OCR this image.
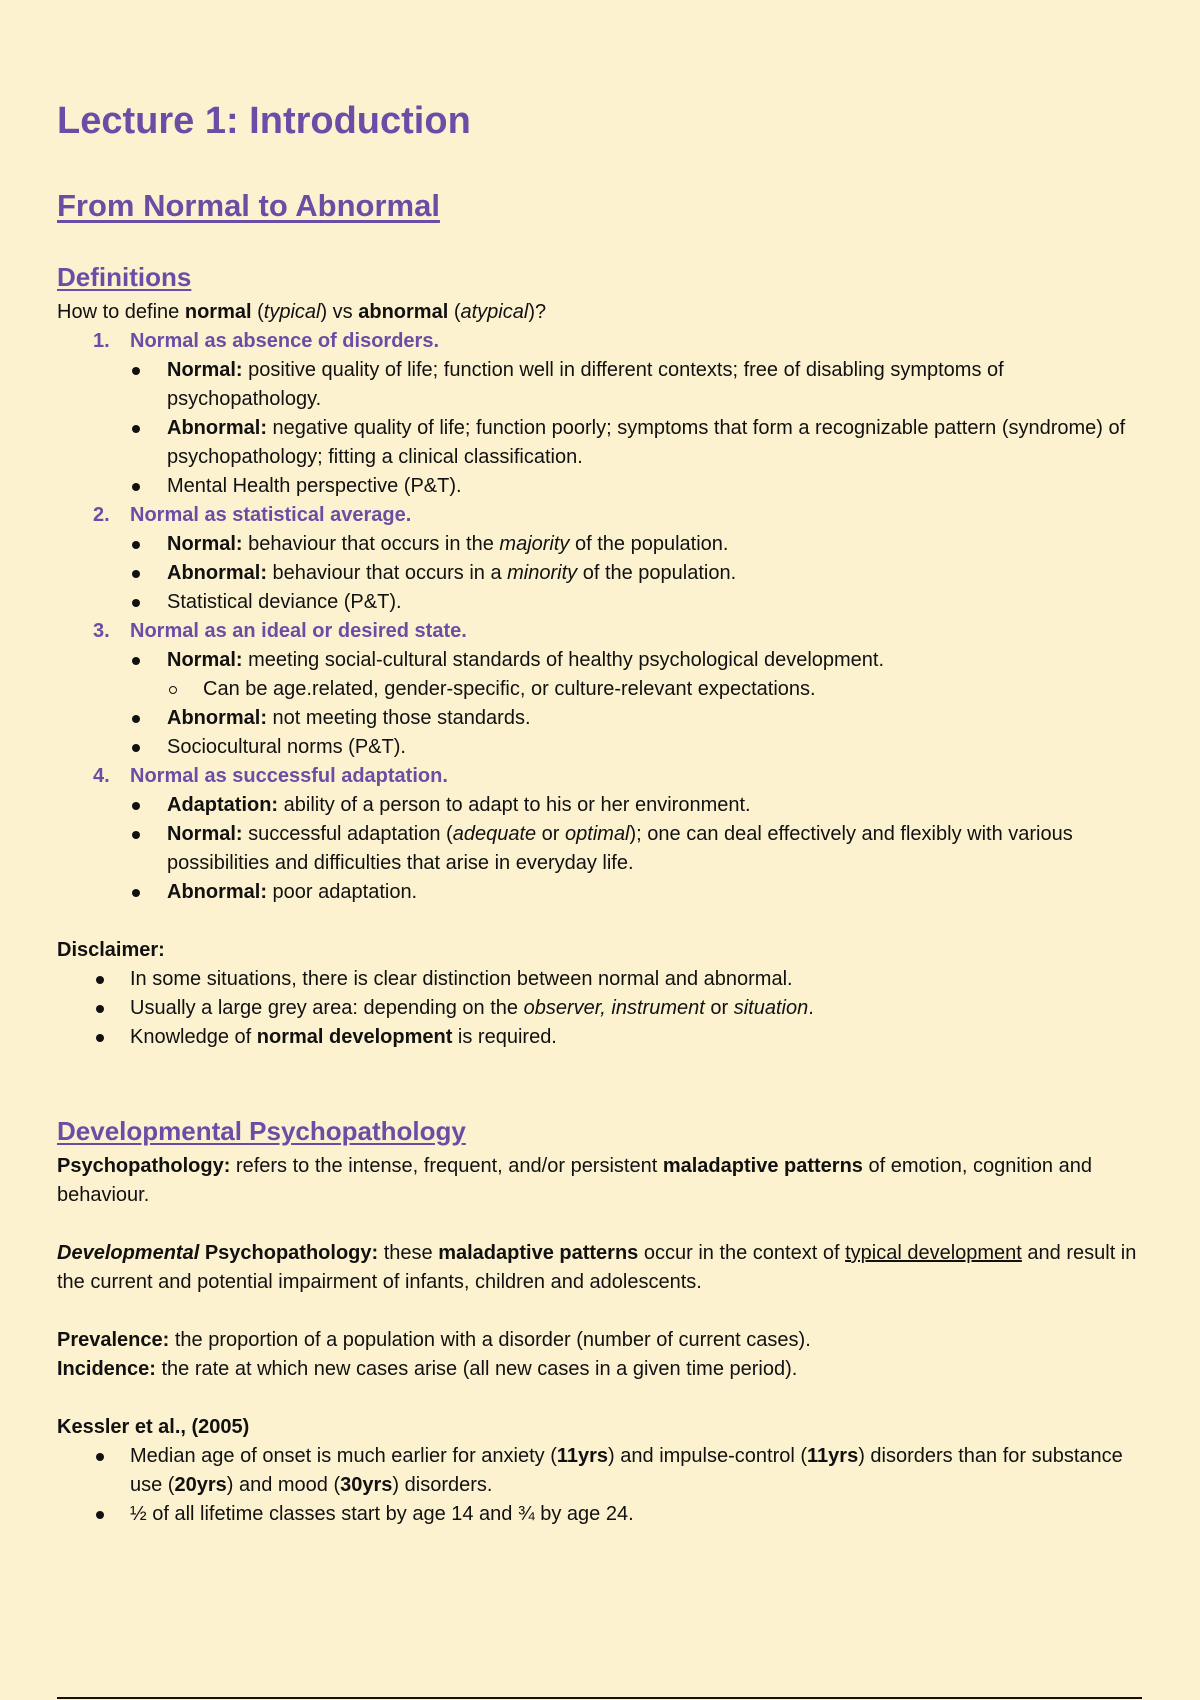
Lecture 1: Introduction
From Normal to Abnormal
Definitions

How to define normal (typical) vs abnormal (atypical)?

1. Normal as absence of disorders.
Normal: positive quality of life; function well in different contexts; free of disabling symptoms of psychopathology.
Abnormal: negative quality of life; function poorly; symptoms that form a recognizable pattern (syndrome) of psychopathology; fitting a clinical classification.
Mental Health perspective (P&T).
2. Normal as statistical average.
Normal: behaviour that occurs in the majority of the population.
Abnormal: behaviour that occurs in a minority of the population.
Statistical deviance (P&T).
3. Normal as an ideal or desired state.
Normal: meeting social-cultural standards of healthy psychological development.
Can be age.related, gender-specific, or culture-relevant expectations.
Abnormal: not meeting those standards.
Sociocultural norms (P&T).
4. Normal as successful adaptation.
Adaptation: ability of a person to adapt to his or her environment.
Normal: successful adaptation (adequate or optimal); one can deal effectively and flexibly with various possibilities and difficulties that arise in everyday life.
Abnormal: poor adaptation.

Disclaimer:

In some situations, there is clear distinction between normal and abnormal.
Usually a large grey area: depending on the observer, instrument or situation.
Knowledge of normal development is required.
Developmental Psychopathology

Psychopathology: refers to the intense, frequent, and/or persistent maladaptive patterns of emotion, cognition and behaviour.

Developmental Psychopathology: these maladaptive patterns occur in the context of typical development and result in the current and potential impairment of infants, children and adolescents.

Prevalence: the proportion of a population with a disorder (number of current cases).

Incidence: the rate at which new cases arise (all new cases in a given time period).

Kessler et al., (2005)

Median age of onset is much earlier for anxiety (11yrs) and impulse-control (11yrs) disorders than for substance use (20yrs) and mood (30yrs) disorders.
½ of all lifetime classes start by age 14 and ¾ by age 24.
